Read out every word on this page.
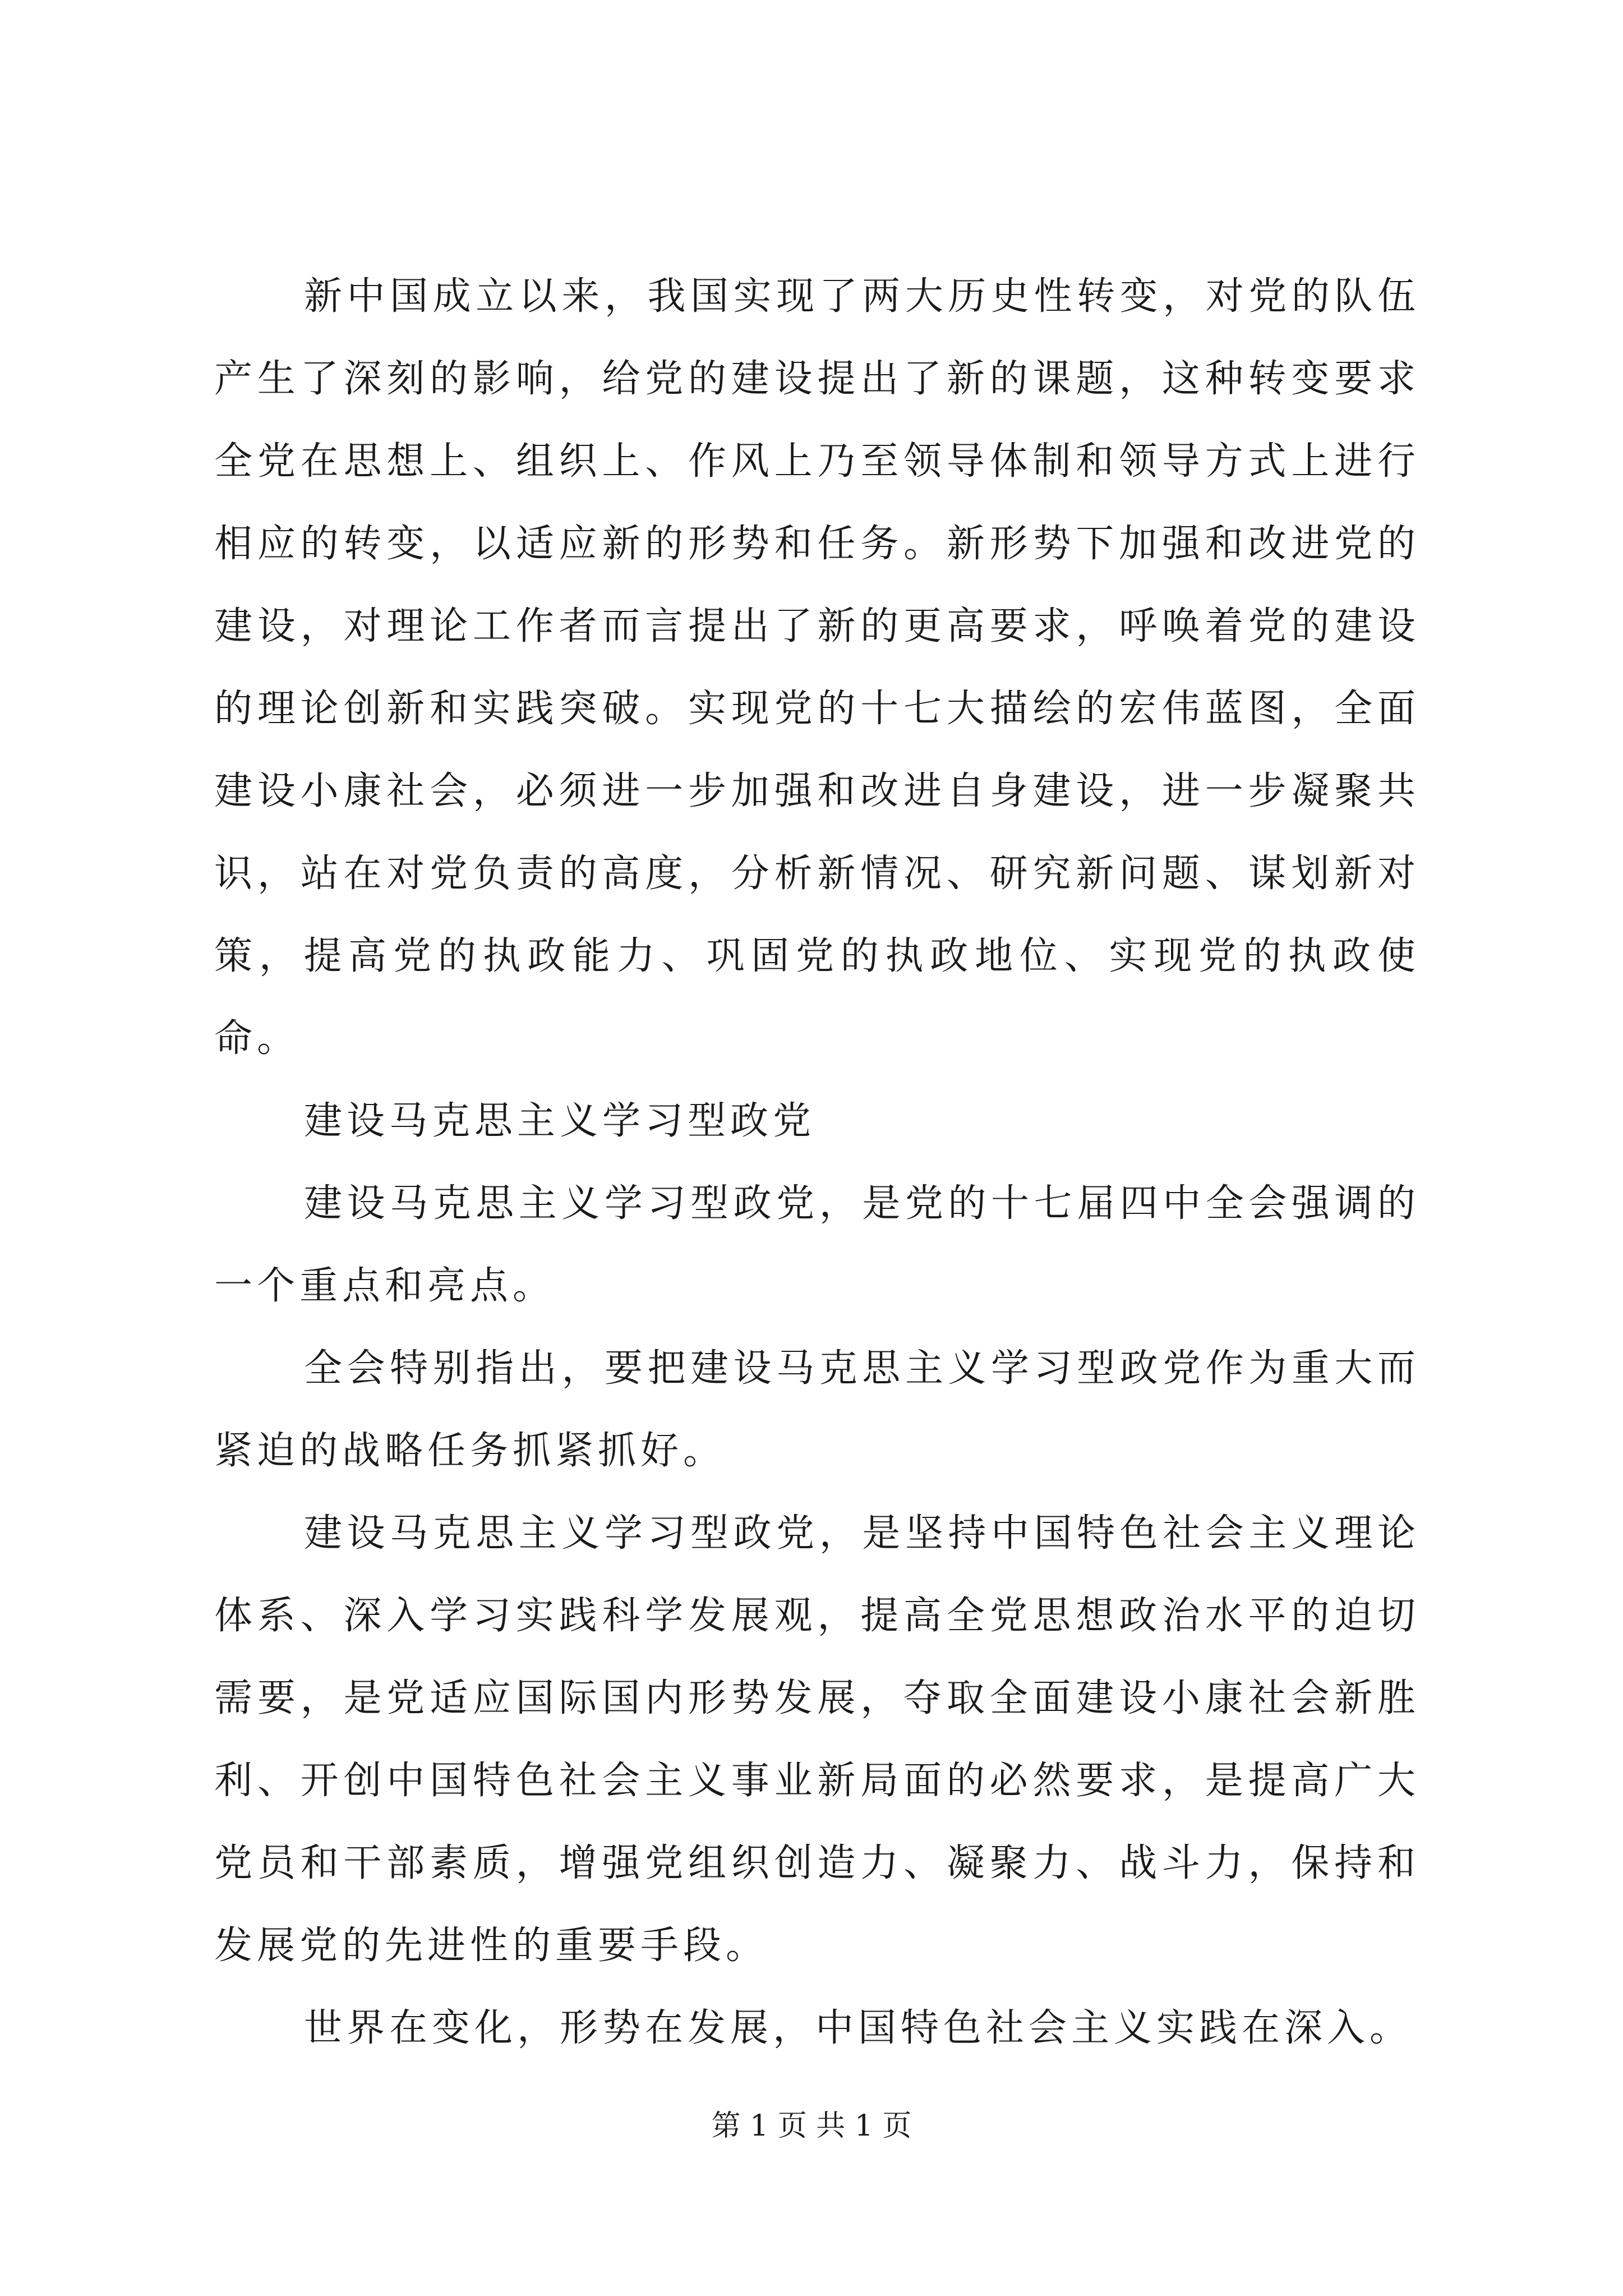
新中国成立以来，我国实现了两大历史性转变，对党的队伍产生了深刻的影响，给党的建设提出了新的课题，这种转变要求全党在思想上、组织上、作风上乃至领导体制和领导方式上进行相应的转变，以适应新的形势和任务。新形势下加强和改进党的建设，对理论工作者而言提出了新的更高要求，呼唤着党的建设的理论创新和实践突破。实现党的十七大描绘的宏伟蓝图，全面建设小康社会，必须进一步加强和改进自身建设，进一步凝聚共识，站在对党负责的高度，分析新情况、研究新问题、谋划新对策，提高党的执政能力、巩固党的执政地位、实现党的执政使命。

建设马克思主义学习型政党

建设马克思主义学习型政党，是党的十七届四中全会强调的一个重点和亮点。

全会特别指出，要把建设马克思主义学习型政党作为重大而紧迫的战略任务抓紧抓好。

建设马克思主义学习型政党，是坚持中国特色社会主义理论体系、深入学习实践科学发展观，提高全党思想政治水平的迫切需要，是党适应国际国内形势发展，夺取全面建设小康社会新胜利、开创中国特色社会主义事业新局面的必然要求，是提高广大党员和干部素质，增强党组织创造力、凝聚力、战斗力，保持和发展党的先进性的重要手段。

世界在变化，形势在发展，中国特色社会主义实践在深入。

第 1 页 共 1 页
